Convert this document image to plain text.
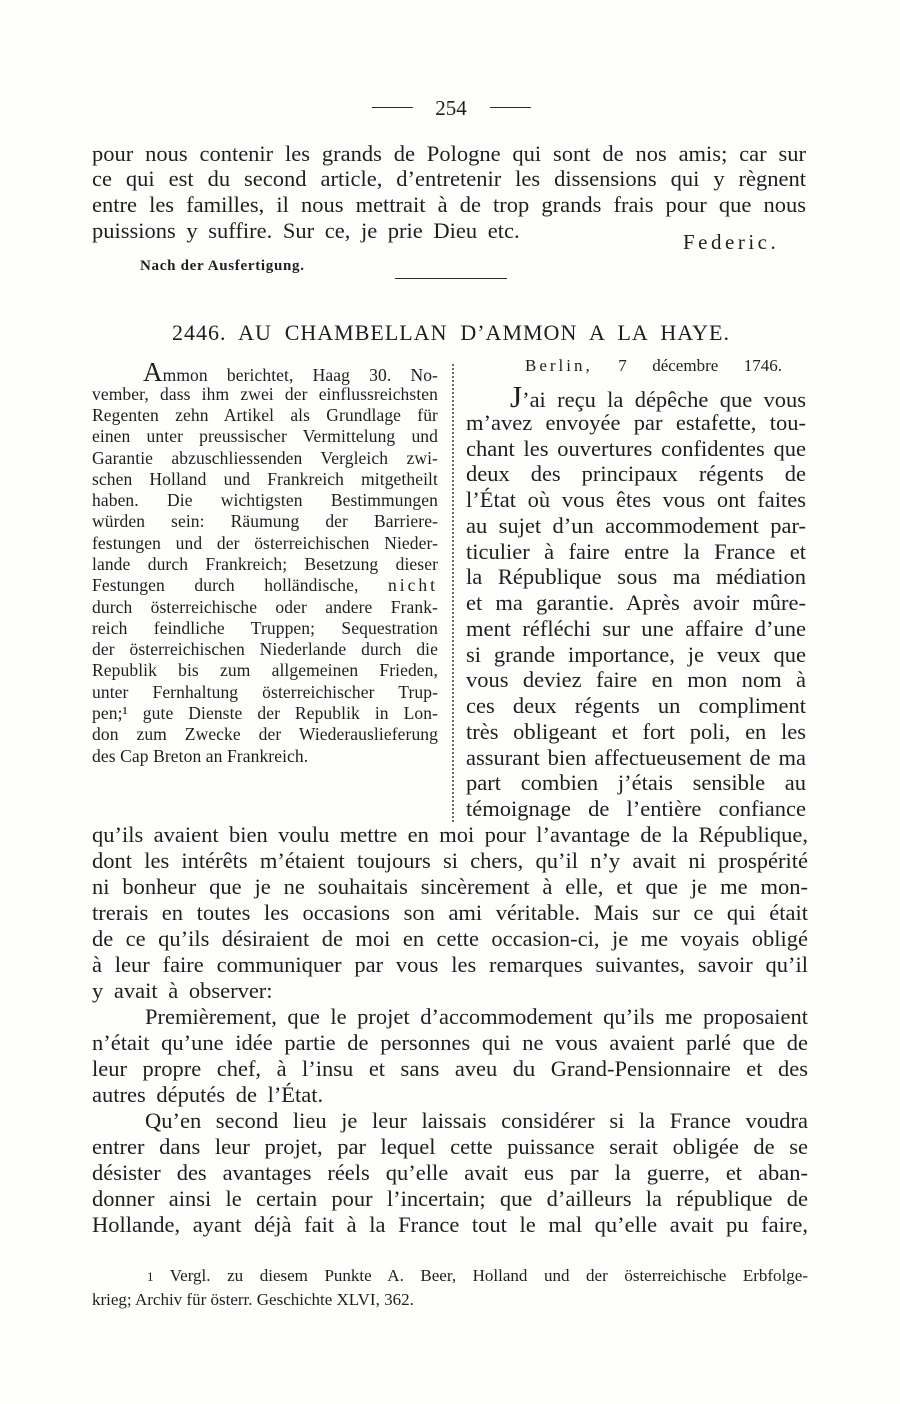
254
pour nous contenir les grands de Pologne qui sont de nos amis; car sur
ce qui est du second article, d’entretenir les dissensions qui y règnent
entre les familles, il nous mettrait à de trop grands frais pour que nous
puissions y suffire. Sur ce, je prie Dieu etc.	Federic.
Nach der Ausfertigung.
2446. AU CHAMBELLAN D’AMMON A LA HAYE.
Ammon berichtet, Haag 30. No-
vember, dass ihm zwei der einflussreichsten
Regenten zehn Artikel als Grundlage für
einen unter preussischer Vermittelung und
Garantie abzuschliessenden Vergleich zwi-
schen Holland und Frankreich mitgetheilt
haben. Die wichtigsten Bestimmungen
würden sein: Räumung der Barriere-
festungen und der österreichischen Nieder-
lande durch Frankreich; Besetzung dieser
Festungen durch holländische, nicht
durch österreichische oder andere Frank-
reich feindliche Truppen; Sequestration
der österreichischen Niederlande durch die
Republik bis zum allgemeinen Frieden,
unter Fernhaltung österreichischer Trup-
pen;¹ gute Dienste der Republik in Lon-
don zum Zwecke der Wiederauslieferung
des Cap Breton an Frankreich.
Berlin, 7 décembre 1746.
J’ai reçu la dépêche que vous
m’avez envoyée par estafette, tou-
chant les ouvertures confidentes que
deux des principaux régents de
l’État où vous êtes vous ont faites
au sujet d’un accommodement par-
ticulier à faire entre la France et
la République sous ma médiation
et ma garantie. Après avoir mûre-
ment réfléchi sur une affaire d’une
si grande importance, je veux que
vous deviez faire en mon nom à
ces deux régents un compliment
très obligeant et fort poli, en les
assurant bien affectueusement de ma
part combien j’étais sensible au
témoignage de l’entière confiance
qu’ils avaient bien voulu mettre en moi pour l’avantage de la République,
dont les intérêts m’étaient toujours si chers, qu’il n’y avait ni prospérité
ni bonheur que je ne souhaitais sincèrement à elle, et que je me mon-
trerais en toutes les occasions son ami véritable. Mais sur ce qui était
de ce qu’ils désiraient de moi en cette occasion-ci, je me voyais obligé
à leur faire communiquer par vous les remarques suivantes, savoir qu’il
y avait à observer:
Premièrement, que le projet d’accommodement qu’ils me proposaient
n’était qu’une idée partie de personnes qui ne vous avaient parlé que de
leur propre chef, à l’insu et sans aveu du Grand-Pensionnaire et des
autres députés de l’État.
Qu’en second lieu je leur laissais considérer si la France voudra
entrer dans leur projet, par lequel cette puissance serait obligée de se
désister des avantages réels qu’elle avait eus par la guerre, et aban-
donner ainsi le certain pour l’incertain; que d’ailleurs la république de
Hollande, ayant déjà fait à la France tout le mal qu’elle avait pu faire,
1 Vergl. zu diesem Punkte A. Beer, Holland und der österreichische Erbfolge-
krieg; Archiv für österr. Geschichte XLVI, 362.
